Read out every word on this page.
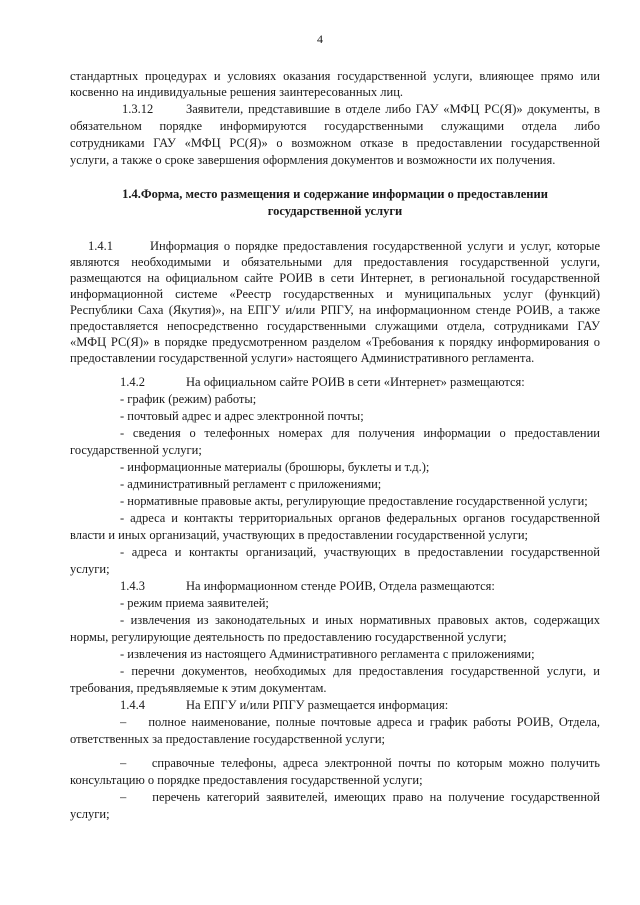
4
стандартных процедурах и условиях оказания государственной услуги, влияющее прямо или
косвенно на индивидуальные решения заинтересованных лиц.
1.3.12	Заявители, представившие в отделе либо ГАУ «МФЦ РС(Я)» документы, в
обязательном порядке информируются государственными служащими отдела либо
сотрудниками ГАУ «МФЦ РС(Я)» о возможном отказе в предоставлении государственной
услуги, а также о сроке завершения оформления документов и возможности их получения.
1.4.Форма, место размещения и содержание информации о предоставлении
государственной услуги
1.4.1	Информация о порядке предоставления государственной услуги и услуг, которые
являются необходимыми и обязательными для предоставления государственной услуги,
размещаются на официальном сайте РОИВ в сети Интернет, в региональной государственной
информационной системе «Реестр государственных и муниципальных услуг (функций)
Республики Саха (Якутия)», на ЕПГУ и/или РПГУ, на информационном стенде РОИВ, а также
предоставляется непосредственно государственными служащими отдела, сотрудниками ГАУ
«МФЦ РС(Я)» в порядке предусмотренном разделом «Требования к порядку информирования о
предоставлении государственной услуги» настоящего Административного регламента.
1.4.2	На официальном сайте РОИВ в сети «Интернет» размещаются:
- график (режим) работы;
- почтовый адрес и адрес электронной почты;
- сведения о телефонных номерах для получения информации о предоставлении
государственной услуги;
- информационные материалы (брошюры, буклеты и т.д.);
- административный регламент с приложениями;
- нормативные правовые акты, регулирующие предоставление государственной услуги;
- адреса и контакты территориальных органов федеральных органов государственной
власти и иных организаций, участвующих в предоставлении государственной услуги;
- адреса и контакты организаций, участвующих в предоставлении государственной
услуги;
1.4.3	На информационном стенде РОИВ, Отдела размещаются:
- режим приема заявителей;
- извлечения из законодательных и иных нормативных правовых актов, содержащих
нормы, регулирующие деятельность по предоставлению государственной услуги;
- извлечения из настоящего Административного регламента с приложениями;
- перечни документов, необходимых для предоставления государственной услуги, и
требования, предъявляемые к этим документам.
1.4.4	На ЕПГУ и/или РПГУ размещается информация:
–    полное наименование, полные почтовые адреса и график работы РОИВ, Отдела,
ответственных за предоставление государственной услуги;
–    справочные телефоны, адреса электронной почты по которым можно получить
консультацию о порядке предоставления государственной услуги;
–    перечень категорий заявителей, имеющих право на получение государственной
услуги;
